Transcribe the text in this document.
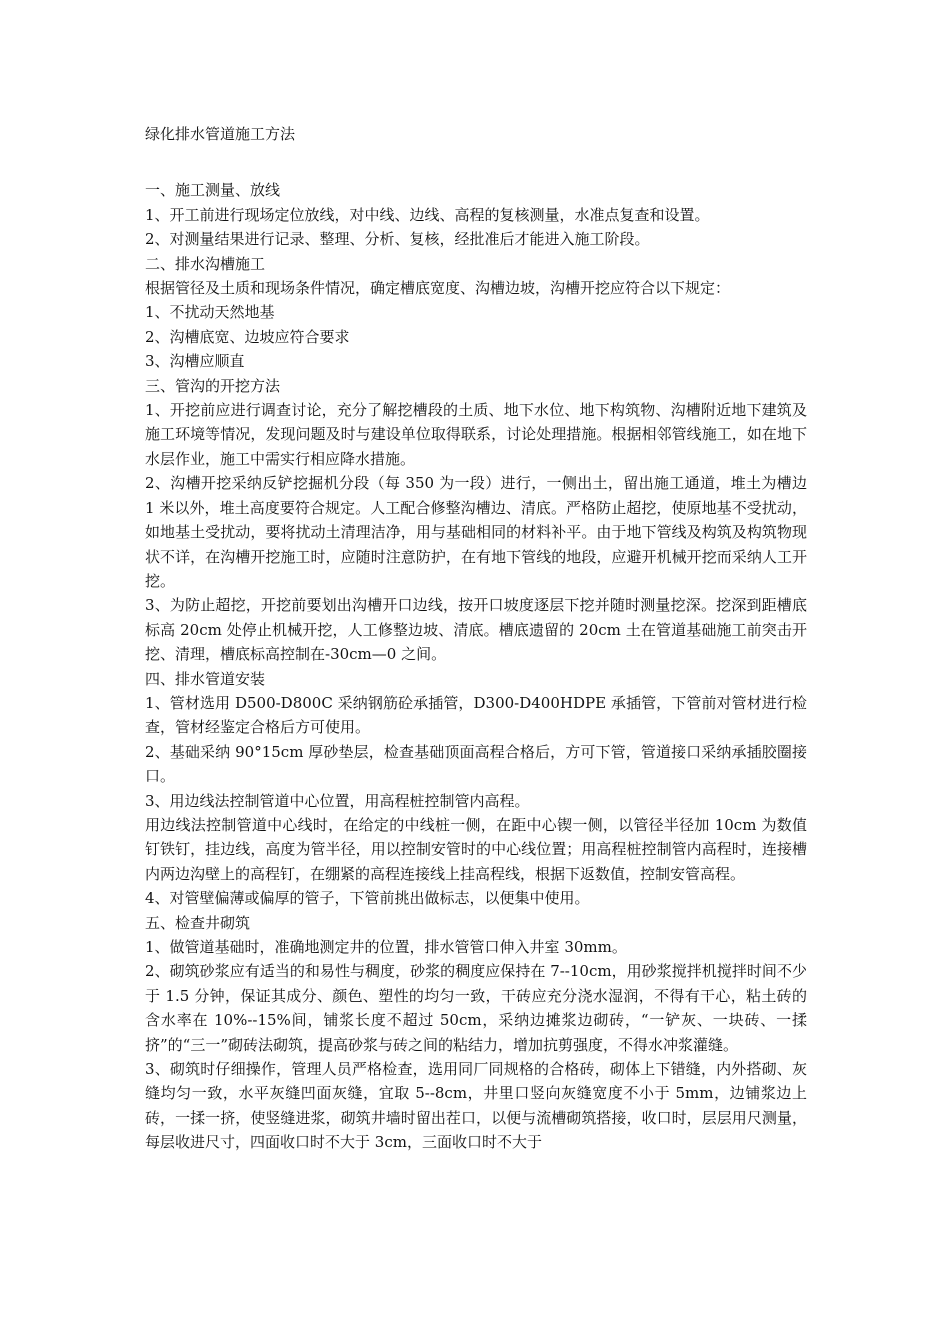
绿化排水管道施工方法

一、施工测量、放线

1、开工前进行现场定位放线，对中线、边线、高程的复核测量，水准点复查和设置。

2、对测量结果进行记录、整理、分析、复核，经批准后才能进入施工阶段。

二、排水沟槽施工

根据管径及土质和现场条件情况，确定槽底宽度、沟槽边坡，沟槽开挖应符合以下规定：

1、不扰动天然地基

2、沟槽底宽、边坡应符合要求

3、沟槽应顺直

三、管沟的开挖方法

1、开挖前应进行调查讨论，充分了解挖槽段的土质、地下水位、地下构筑物、沟槽附近地下建筑及施工环境等情况，发现问题及时与建设单位取得联系，讨论处理措施。根据相邻管线施工，如在地下水层作业，施工中需实行相应降水措施。

2、沟槽开挖采纳反铲挖掘机分段（每 350 为一段）进行，一侧出土，留出施工通道，堆土为槽边 1 米以外，堆土高度要符合规定。人工配合修整沟槽边、清底。严格防止超挖，使原地基不受扰动，如地基土受扰动，要将扰动土清理洁净，用与基础相同的材料补平。由于地下管线及构筑及构筑物现状不详，在沟槽开挖施工时，应随时注意防护，在有地下管线的地段，应避开机械开挖而采纳人工开挖。

3、为防止超挖，开挖前要划出沟槽开口边线，按开口坡度逐层下挖并随时测量挖深。挖深到距槽底标高 20cm 处停止机械开挖，人工修整边坡、清底。槽底遗留的 20cm 土在管道基础施工前突击开挖、清理，槽底标高控制在-30cm—0 之间。

四、排水管道安装

1、管材选用 D500-D800C 采纳钢筋砼承插管，D300-D400HDPE 承插管，下管前对管材进行检查，管材经鉴定合格后方可使用。

2、基础采纳 90°15cm 厚砂垫层，检查基础顶面高程合格后，方可下管，管道接口采纳承插胶圈接口。

3、用边线法控制管道中心位置，用高程桩控制管内高程。

用边线法控制管道中心线时，在给定的中线桩一侧，在距中心锲一侧，以管径半径加 10cm 为数值钉铁钉，挂边线，高度为管半径，用以控制安管时的中心线位置；用高程桩控制管内高程时，连接槽内两边沟壁上的高程钉，在绷紧的高程连接线上挂高程线，根据下返数值，控制安管高程。

4、对管壁偏薄或偏厚的管子，下管前挑出做标志，以便集中使用。

五、检查井砌筑

1、做管道基础时，准确地测定井的位置，排水管管口伸入井室 30mm。

2、砌筑砂浆应有适当的和易性与稠度，砂浆的稠度应保持在 7--10cm，用砂浆搅拌机搅拌时间不少于 1.5 分钟，保证其成分、颜色、塑性的均匀一致，干砖应充分浇水湿润，不得有干心，粘土砖的含水率在 10%--15%间，铺浆长度不超过 50cm，采纳边摊浆边砌砖，“一铲灰、一块砖、一揉挤”的“三一”砌砖法砌筑，提高砂浆与砖之间的粘结力，增加抗剪强度，不得水冲浆灌缝。

3、砌筑时仔细操作，管理人员严格检查，选用同厂同规格的合格砖，砌体上下错缝，内外搭砌、灰缝均匀一致，水平灰缝凹面灰缝，宜取 5--8cm，井里口竖向灰缝宽度不小于 5mm，边铺浆边上砖，一揉一挤，使竖缝进浆，砌筑井墙时留出茬口，以便与流槽砌筑搭接，收口时，层层用尺测量，每层收进尺寸，四面收口时不大于 3cm，三面收口时不大于
